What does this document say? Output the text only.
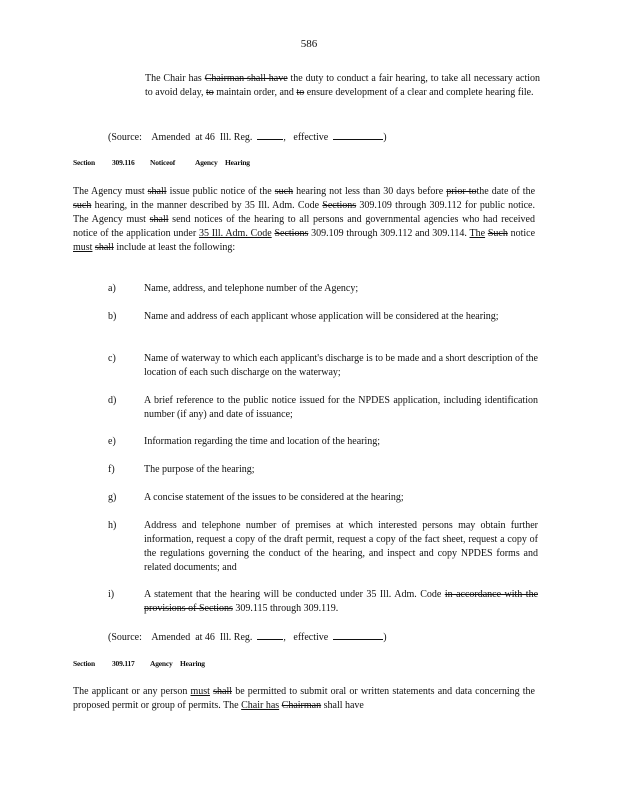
586

The Chair has Chairman shall have the duty to conduct a fair hearing, to take all necessary action to avoid delay, to maintain order, and to ensure development of a clear and complete hearing file.

(Source:    Amended  at 46  Ill. Reg.	,   effective	)
Section 309.116 Noticeof	Agency Hearing

The Agency must shall issue public notice of the such hearing not less than 30 days before prior tothe date of the such hearing, in the manner described by 35 Ill. Adm. Code Sections 309.109 through 309.112 for public notice. The Agency must shall send notices of the hearing to all persons and governmental agencies who had received notice of the application under 35 Ill. Adm. Code Sections 309.109 through 309.112 and 309.114. The Such notice must shall include at least the following:

a)	Name, address, and telephone number of the Agency;
b)	Name and address of each applicant whose application will be considered at the hearing;
c)	Name of waterway to which each applicant's discharge is to be made and a short description of the location of each such discharge on the waterway;
d)	A brief reference to the public notice issued for the NPDES application, including identification number (if any) and date of issuance;
e)	Information regarding the time and location of the hearing;
f)	The purpose of the hearing;
g)	A concise statement of the issues to be considered at the hearing;
h)	Address and telephone number of premises at which interested persons may obtain further information, request a copy of the draft permit, request a copy of the fact sheet, request a copy of the regulations governing the conduct of the hearing, and inspect and copy NPDES forms and related documents; and
i)	A statement that the hearing will be conducted under 35 Ill. Adm. Code in accordance with the provisions of Sections 309.115 through 309.119.
(Source:    Amended  at 46  Ill. Reg.	,   effective	)
Section 309.117 Agency Hearing

The applicant or any person must shall be permitted to submit oral or written statements and data concerning the proposed permit or group of permits. The Chair has Chairman shall have
